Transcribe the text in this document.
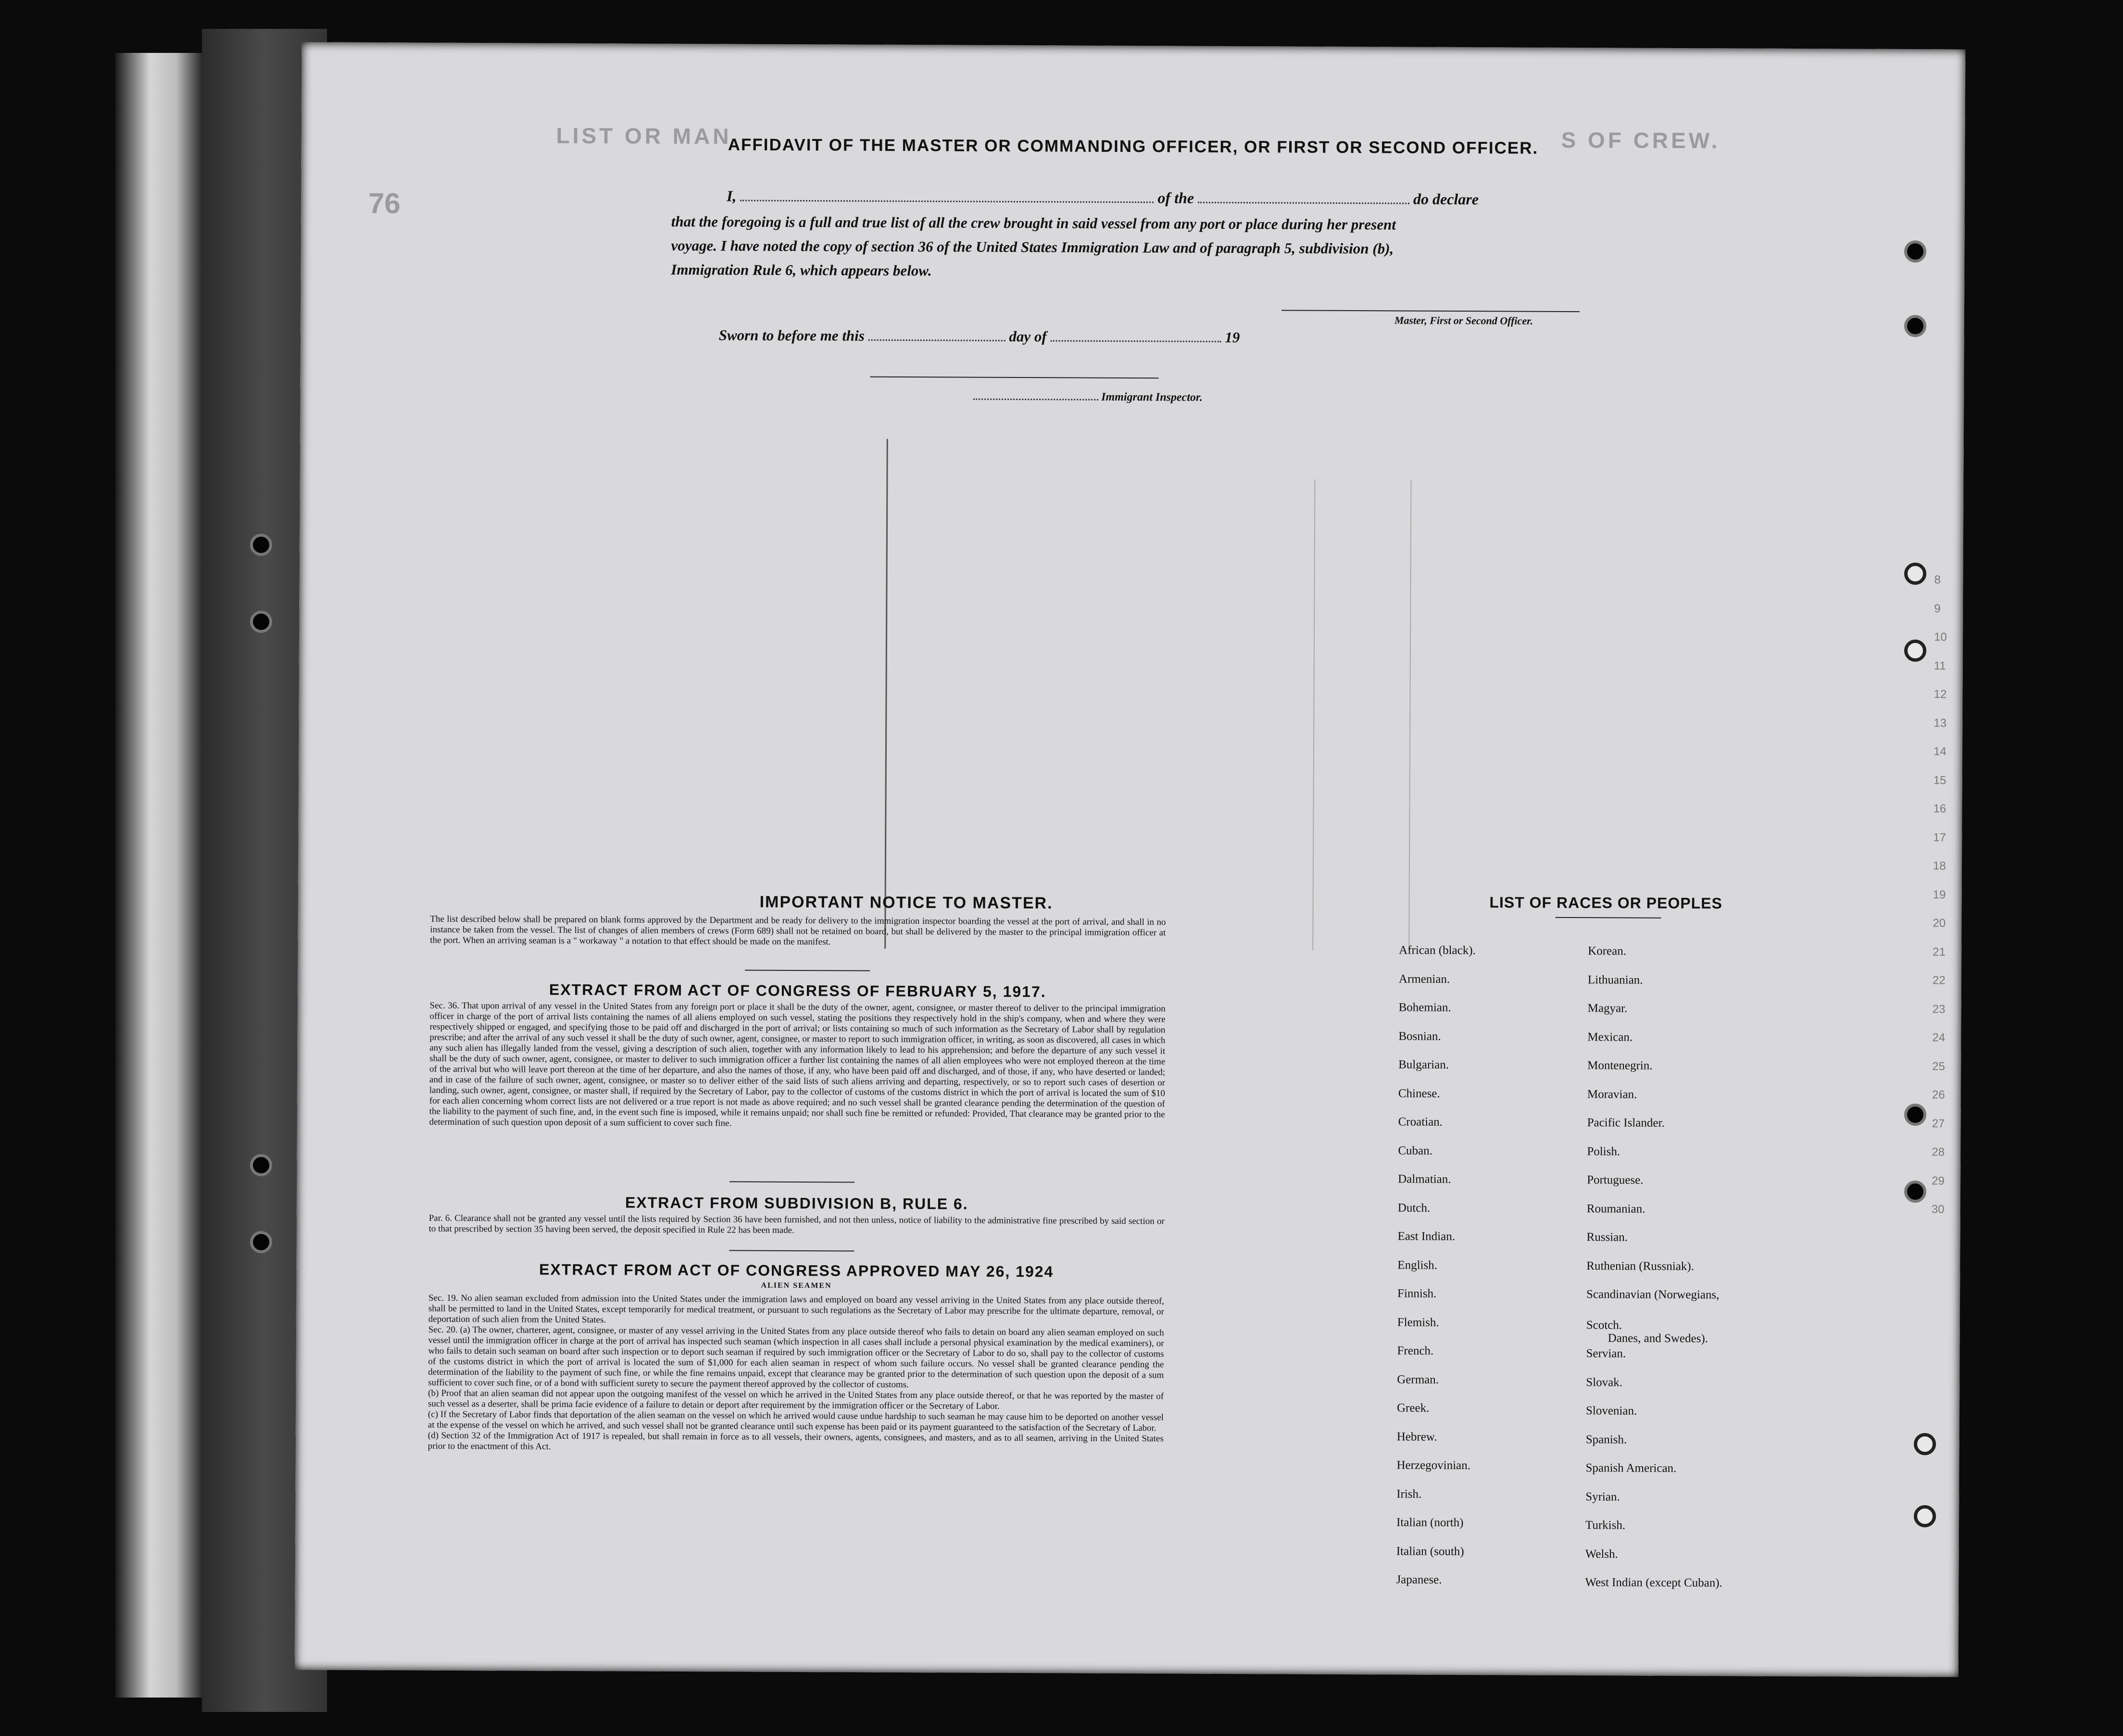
LIST OR MAN	S OF CREW.
76
AFFIDAVIT OF THE MASTER OR COMMANDING OFFICER, OR FIRST OR SECOND OFFICER.
I,	of the	do declare
that the foregoing is a full and true list of all the crew brought in said vessel from any port or place during her present
voyage. I have noted the copy of section 36 of the United States Immigration Law and of paragraph 5, subdivision (b),
Immigration Rule 6, which appears below.
Master, First or Second Officer.
Sworn to before me this	day of	19
Immigrant Inspector.
IMPORTANT NOTICE TO MASTER.
The list described below shall be prepared on blank forms approved by the Department and be ready for delivery to the immigration inspector boarding the vessel at the port of arrival, and shall in no instance be taken from the vessel. The list of changes of alien members of crews (Form 689) shall not be retained on board, but shall be delivered by the master to the principal immigration officer at the port. When an arriving seaman is a " workaway " a notation to that effect should be made on the manifest.
EXTRACT FROM ACT OF CONGRESS OF FEBRUARY 5, 1917.
Sec. 36. That upon arrival of any vessel in the United States from any foreign port or place it shall be the duty of the owner, agent, consignee, or master thereof to deliver to the principal immigration officer in charge of the port of arrival lists containing the names of all aliens employed on such vessel, stating the positions they respectively hold in the ship's company, when and where they were respectively shipped or engaged, and specifying those to be paid off and discharged in the port of arrival; or lists containing so much of such information as the Secretary of Labor shall by regulation prescribe; and after the arrival of any such vessel it shall be the duty of such owner, agent, consignee, or master to report to such immigration officer, in writing, as soon as discovered, all cases in which any such alien has illegally landed from the vessel, giving a description of such alien, together with any information likely to lead to his apprehension; and before the departure of any such vessel it shall be the duty of such owner, agent, consignee, or master to deliver to such immigration officer a further list containing the names of all alien employees who were not employed thereon at the time of the arrival but who will leave port thereon at the time of her departure, and also the names of those, if any, who have been paid off and discharged, and of those, if any, who have deserted or landed; and in case of the failure of such owner, agent, consignee, or master so to deliver either of the said lists of such aliens arriving and departing, respectively, or so to report such cases of desertion or landing, such owner, agent, consignee, or master shall, if required by the Secretary of Labor, pay to the collector of customs of the customs district in which the port of arrival is located the sum of $10 for each alien concerning whom correct lists are not delivered or a true report is not made as above required; and no such vessel shall be granted clearance pending the determination of the question of the liability to the payment of such fine, and, in the event such fine is imposed, while it remains unpaid; nor shall such fine be remitted or refunded: Provided, That clearance may be granted prior to the determination of such question upon deposit of a sum sufficient to cover such fine.
EXTRACT FROM SUBDIVISION B, RULE 6.
Par. 6. Clearance shall not be granted any vessel until the lists required by Section 36 have been furnished, and not then unless, notice of liability to the administrative fine prescribed by said section or to that prescribed by section 35 having been served, the deposit specified in Rule 22 has been made.
EXTRACT FROM ACT OF CONGRESS APPROVED MAY 26, 1924
ALIEN SEAMEN
Sec. 19. No alien seaman excluded from admission into the United States under the immigration laws and employed on board any vessel arriving in the United States from any place outside thereof, shall be permitted to land in the United States, except temporarily for medical treatment, or pursuant to such regulations as the Secretary of Labor may prescribe for the ultimate departure, removal, or deportation of such alien from the United States.
Sec. 20. (a) The owner, charterer, agent, consignee, or master of any vessel arriving in the United States from any place outside thereof who fails to detain on board any alien seaman employed on such vessel until the immigration officer in charge at the port of arrival has inspected such seaman (which inspection in all cases shall include a personal physical examination by the medical examiners), or who fails to detain such seaman on board after such inspection or to deport such seaman if required by such immigration officer or the Secretary of Labor to do so, shall pay to the collector of customs of the customs district in which the port of arrival is located the sum of $1,000 for each alien seaman in respect of whom such failure occurs. No vessel shall be granted clearance pending the determination of the liability to the payment of such fine, or while the fine remains unpaid, except that clearance may be granted prior to the determination of such question upon the deposit of a sum sufficient to cover such fine, or of a bond with sufficient surety to secure the payment thereof approved by the collector of customs.
(b) Proof that an alien seaman did not appear upon the outgoing manifest of the vessel on which he arrived in the United States from any place outside thereof, or that he was reported by the master of such vessel as a deserter, shall be prima facie evidence of a failure to detain or deport after requirement by the immigration officer or the Secretary of Labor.
(c) If the Secretary of Labor finds that deportation of the alien seaman on the vessel on which he arrived would cause undue hardship to such seaman he may cause him to be deported on another vessel at the expense of the vessel on which he arrived, and such vessel shall not be granted clearance until such expense has been paid or its payment guaranteed to the satisfaction of the Secretary of Labor.
(d) Section 32 of the Immigration Act of 1917 is repealed, but shall remain in force as to all vessels, their owners, agents, consignees, and masters, and as to all seamen, arriving in the United States prior to the enactment of this Act.
LIST OF RACES OR PEOPLES
Danes, and Swedes).
African (black).
Armenian.
Bohemian.
Bosnian.
Bulgarian.
Chinese.
Croatian.
Cuban.
Dalmatian.
Dutch.
East Indian.
English.
Finnish.
Flemish.
French.
German.
Greek.
Hebrew.
Herzegovinian.
Irish.
Italian (north)
Italian (south)
Japanese.
Korean.
Lithuanian.
Magyar.
Mexican.
Montenegrin.
Moravian.
Pacific Islander.
Polish.
Portuguese.
Roumanian.
Russian.
Ruthenian (Russniak).
Scandinavian (Norwegians,
Scotch.
Servian.
Slovak.
Slovenian.
Spanish.
Spanish American.
Syrian.
Turkish.
Welsh.
West Indian (except Cuban).
8
9
10
11
12
13
14
15
16
17
18
19
20
21
22
23
24
25
26
27
28
29
30
